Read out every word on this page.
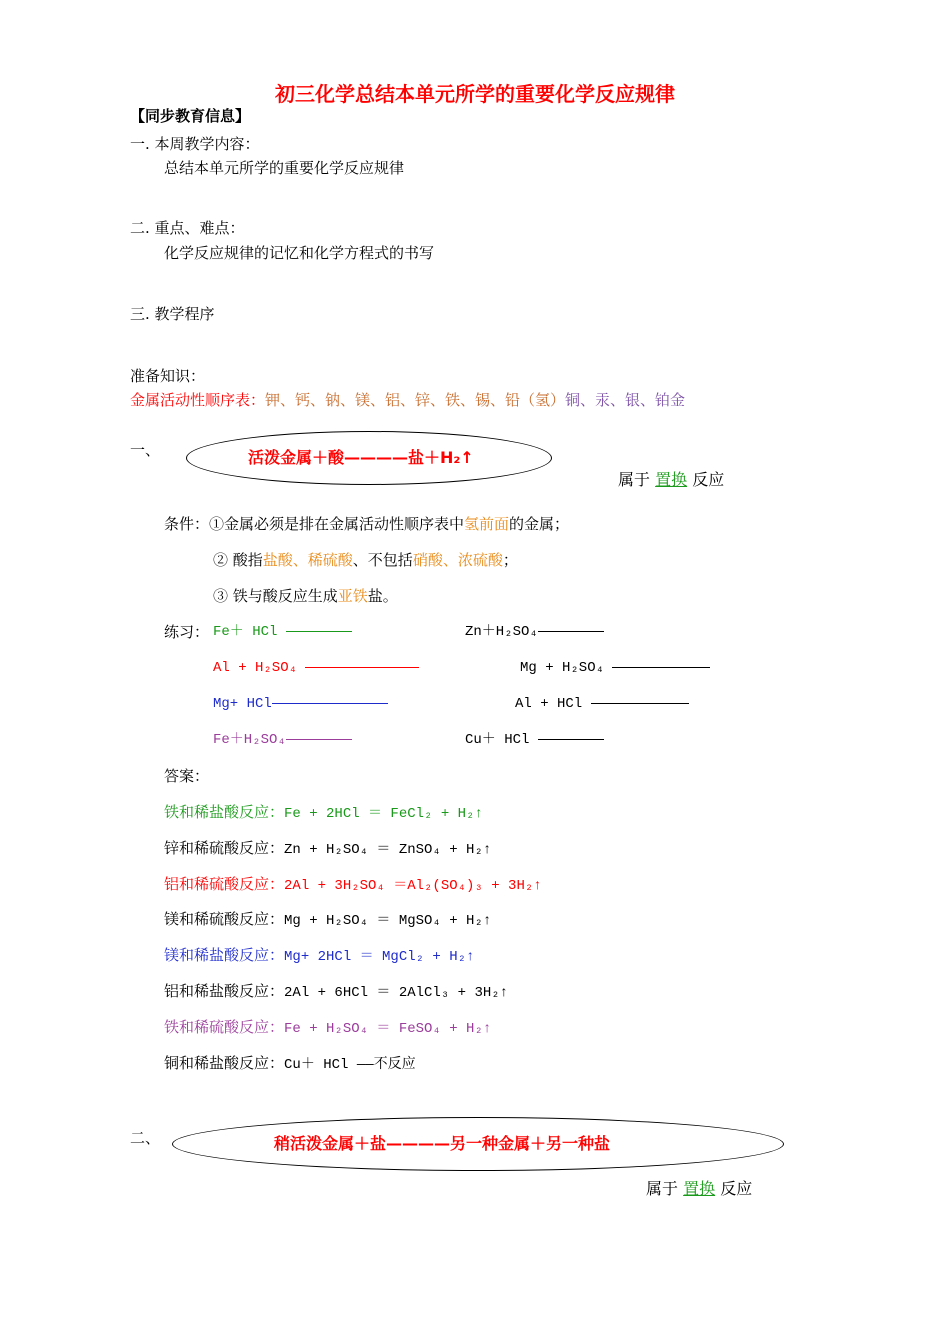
初三化学总结本单元所学的重要化学反应规律
【同步教育信息】
一. 本周教学内容：
总结本单元所学的重要化学反应规律
二. 重点、难点：
化学反应规律的记忆和化学方程式的书写
三. 教学程序
准备知识：
金属活动性顺序表：钾、钙、钠、镁、铝、锌、铁、锡、铅（氢）铜、汞、银、铂金
一、	活泼金属＋酸————盐＋H₂↑
属于 置换 反应
条件：①金属必须是排在金属活动性顺序表中氢前面的金属；
② 酸指盐酸、稀硫酸、不包括硝酸、浓硫酸；
③ 铁与酸反应生成亚铁盐。
练习： Fe＋ HCl	Zn＋H₂SO₄
Al + H₂SO₄	Mg + H₂SO₄
Mg+ HCl	Al + HCl
Fe＋H₂SO₄	Cu＋ HCl
答案：
铁和稀盐酸反应：Fe + 2HCl ＝ FeCl₂ + H₂↑
锌和稀硫酸反应：Zn + H₂SO₄ ＝ ZnSO₄ + H₂↑
铝和稀硫酸反应：2Al + 3H₂SO₄ ＝Al₂(SO₄)₃ + 3H₂↑
镁和稀硫酸反应：Mg + H₂SO₄ ＝ MgSO₄ + H₂↑
镁和稀盐酸反应：Mg+ 2HCl ＝ MgCl₂ + H₂↑
铝和稀盐酸反应：2Al + 6HCl ＝ 2AlCl₃ + 3H₂↑
铁和稀硫酸反应：Fe + H₂SO₄ ＝ FeSO₄ + H₂↑
铜和稀盐酸反应：Cu＋ HCl ——不反应
二、	稍活泼金属＋盐————另一种金属＋另一种盐
属于 置换 反应
